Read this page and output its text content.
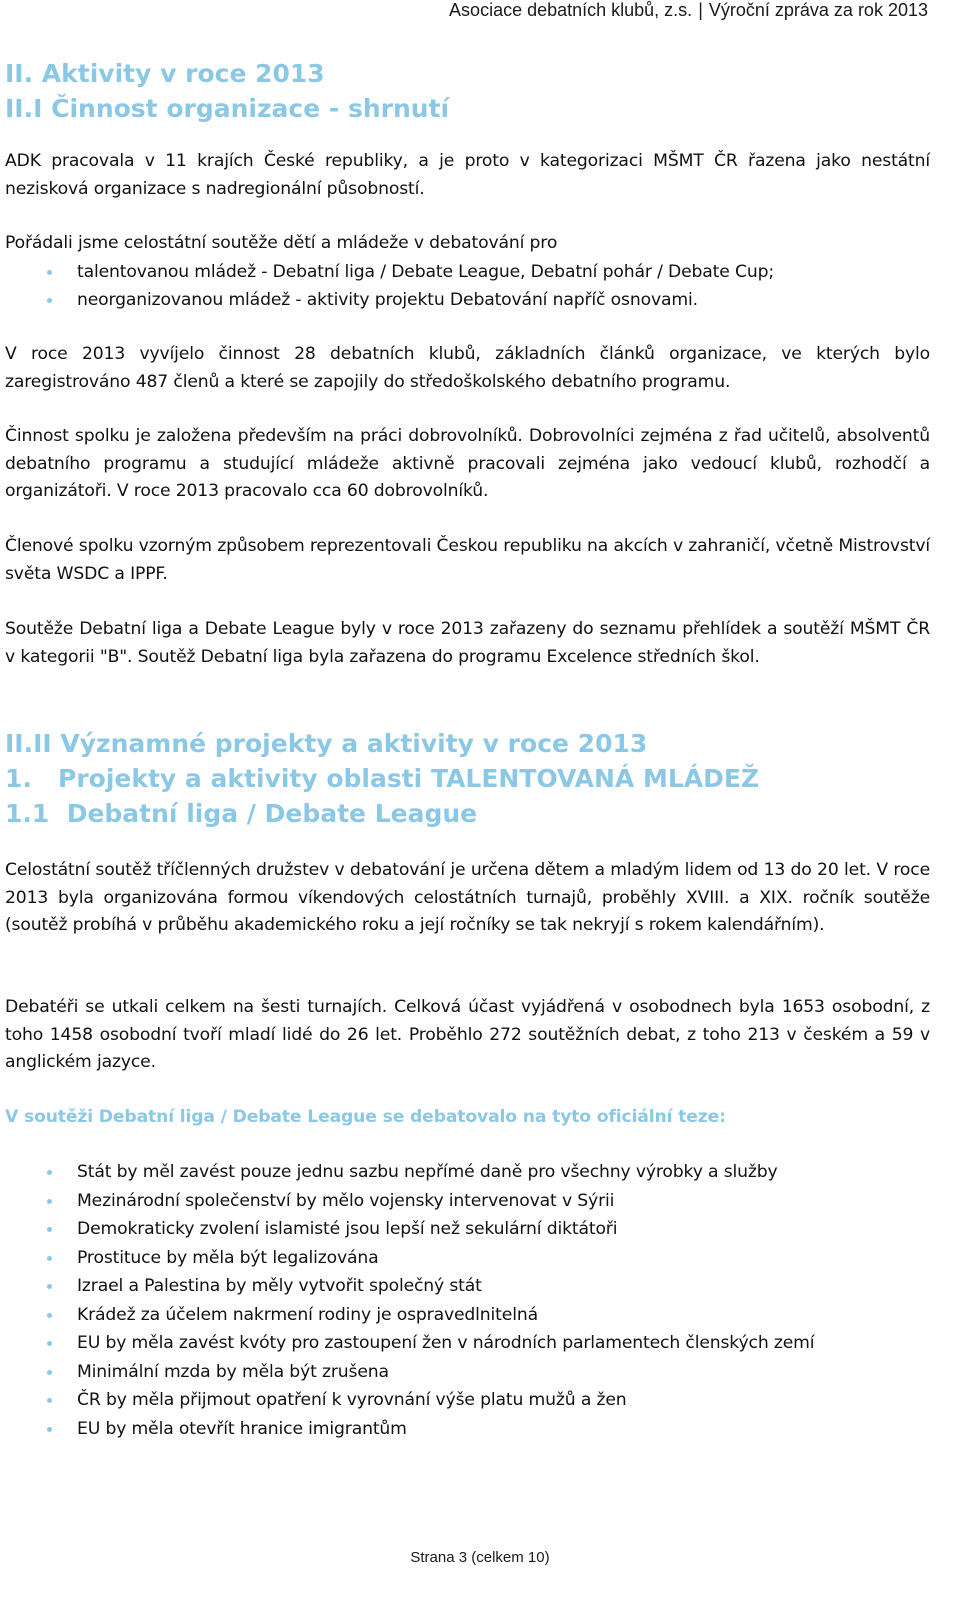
Asociace debatních klubů, z.s. | Výroční zpráva za rok 2013
II. Aktivity v roce 2013
II.I Činnost organizace - shrnutí

ADK pracovala v 11 krajích České republiky, a je proto v kategorizaci MŠMT ČR řazena jako nestátní nezisková organizace s nadregionální působností.

Pořádali jsme celostátní soutěže dětí a mládeže v debatování pro

talentovanou mládež - Debatní liga / Debate League, Debatní pohár / Debate Cup;
neorganizovanou mládež - aktivity projektu Debatování napříč osnovami.

V roce 2013 vyvíjelo činnost 28 debatních klubů, základních článků organizace, ve kterých bylo zaregistrováno 487 členů a které se zapojily do středoškolského debatního programu.

Činnost spolku je založena především na práci dobrovolníků. Dobrovolníci zejména z řad učitelů, absolventů debatního programu a studující mládeže aktivně pracovali zejména jako vedoucí klubů, rozhodčí a organizátoři. V roce 2013 pracovalo cca 60 dobrovolníků.

Členové spolku vzorným způsobem reprezentovali Českou republiku na akcích v zahraničí, včetně Mistrovství světa WSDC a IPPF.

Soutěže Debatní liga a Debate League byly v roce 2013 zařazeny do seznamu přehlídek a soutěží MŠMT ČR v kategorii "B". Soutěž Debatní liga byla zařazena do programu Excelence středních škol.

II.II Významné projekty a aktivity v roce 2013
1.   Projekty a aktivity oblasti TALENTOVANÁ MLÁDEŽ
1.1  Debatní liga / Debate League

Celostátní soutěž tříčlenných družstev v debatování je určena dětem a mladým lidem od 13 do 20 let. V roce 2013 byla organizována formou víkendových celostátních turnajů, proběhly XVIII. a XIX. ročník soutěže (soutěž probíhá v průběhu akademického roku a její ročníky se tak nekryjí s rokem kalendářním).

Debatéři se utkali celkem na šesti turnajích. Celková účast vyjádřená v osobodnech byla 1653 osobodní, z toho 1458 osobodní tvoří mladí lidé do 26 let. Proběhlo 272 soutěžních debat, z toho 213 v českém a 59 v anglickém jazyce.

V soutěži Debatní liga / Debate League se debatovalo na tyto oficiální teze:

Stát by měl zavést pouze jednu sazbu nepřímé daně pro všechny výrobky a služby
Mezinárodní společenství by mělo vojensky intervenovat v Sýrii
Demokraticky zvolení islamisté jsou lepší než sekulární diktátoři
Prostituce by měla být legalizována
Izrael a Palestina by měly vytvořit společný stát
Krádež za účelem nakrmení rodiny je ospravedlnitelná
EU by měla zavést kvóty pro zastoupení žen v národních parlamentech členských zemí
Minimální mzda by měla být zrušena
ČR by měla přijmout opatření k vyrovnání výše platu mužů a žen
EU by měla otevřít hranice imigrantům
Strana 3 (celkem 10)
